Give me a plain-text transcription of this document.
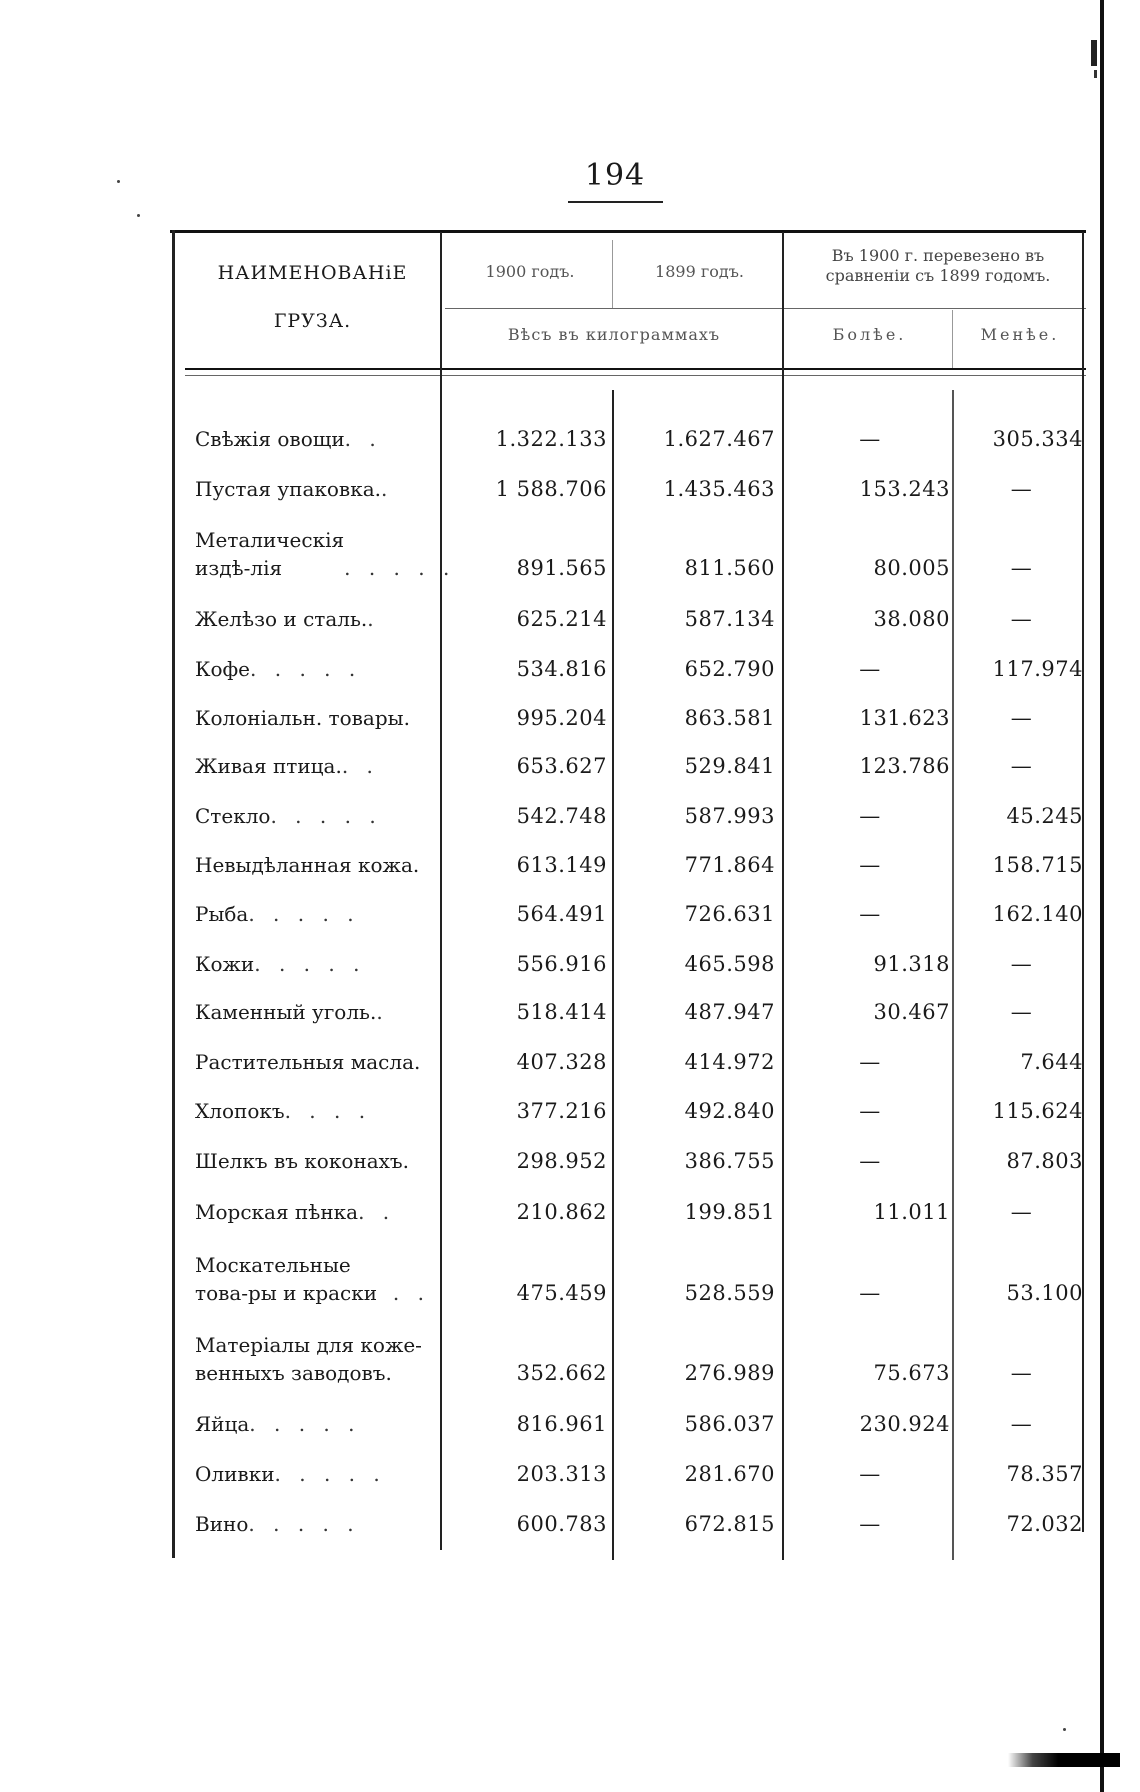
194
НАИМЕНОВАНіЕ
ГРУЗА.
1900 годъ.	1899 годъ.
Въ 1900 г. перевезено въ сравненіи съ 1899 годомъ.
Вѣсъ въ килограммахъ	Болѣе.	Менѣе.
Свѣжія овощи . .	1.322.133	1.627.467	—	305.334
Пустая упаковка. .	1 588.706	1.435.463	153.243	—
Металическія издѣ-лія	. . . . .	891.565	811.560	80.005	—
Желѣзо и сталь. .	625.214	587.134	38.080	—
Кофе . . . . .	534.816	652.790	—	117.974
Колоніальн. товары.	995.204	863.581	131.623	—
Живая птица. . .	653.627	529.841	123.786	—
Стекло . . . . .	542.748	587.993	—	45.245
Невыдѣланная кожа.	613.149	771.864	—	158.715
Рыба . . . . .	564.491	726.631	—	162.140
Кожи . . . . .	556.916	465.598	91.318	—
Каменный уголь. .	518.414	487.947	30.467	—
Растительныя масла.	407.328	414.972	—	7.644
Хлопокъ . . . .	377.216	492.840	—	115.624
Шелкъ въ коконахъ.	298.952	386.755	—	87.803
Морская пѣнка . .	210.862	199.851	11.011	—
Москательные това-ры и краски . .	475.459	528.559	—	53.100
Матеріалы для коже-венныхъ заводовъ.	352.662	276.989	75.673	—
Яйца . . . . .	816.961	586.037	230.924	—
Оливки . . . . .	203.313	281.670	—	78.357
Вино . . . . .	600.783	672.815	—	72.032
